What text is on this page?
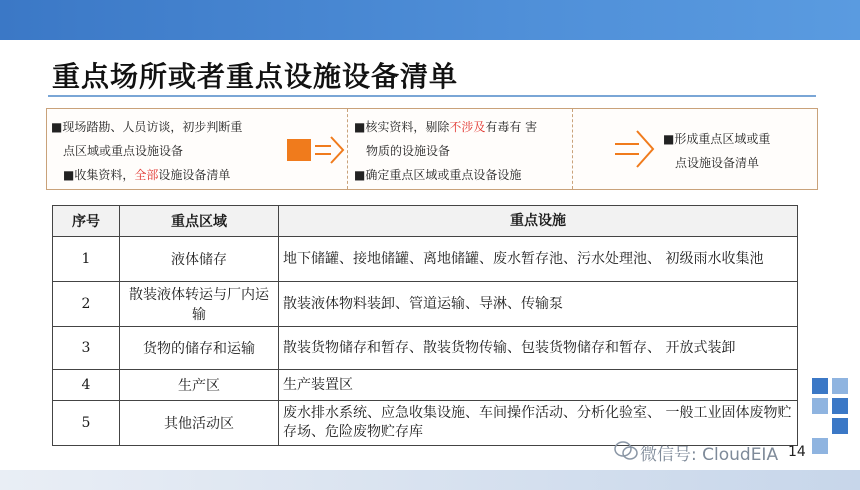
重点场所或者重点设施设备清单
■现场踏勘、人员访谈，初步判断重
点区域或重点设施设备
■收集资料，全部设施设备清单
■核实资料，剔除不涉及有毒有 害
物质的设施设备
■确定重点区域或重点设备设施
■形成重点区域或重
点设施设备清单
序号	重点区域	重点设施
1	液体储存	地下储罐、接地储罐、离地储罐、废水暂存池、污水处理池、 初级雨水收集池
2	散装液体转运与厂内运输	散装液体物料装卸、管道运输、导淋、传输泵
3	货物的储存和运输	散装货物储存和暂存、散装货物传输、包装货物储存和暂存、 开放式装卸
4	生产区	生产装置区
5	其他活动区	废水排水系统、应急收集设施、车间操作活动、分析化验室、 一般工业固体废物贮存场、危险废物贮存库
微信号: CloudEIA 14
